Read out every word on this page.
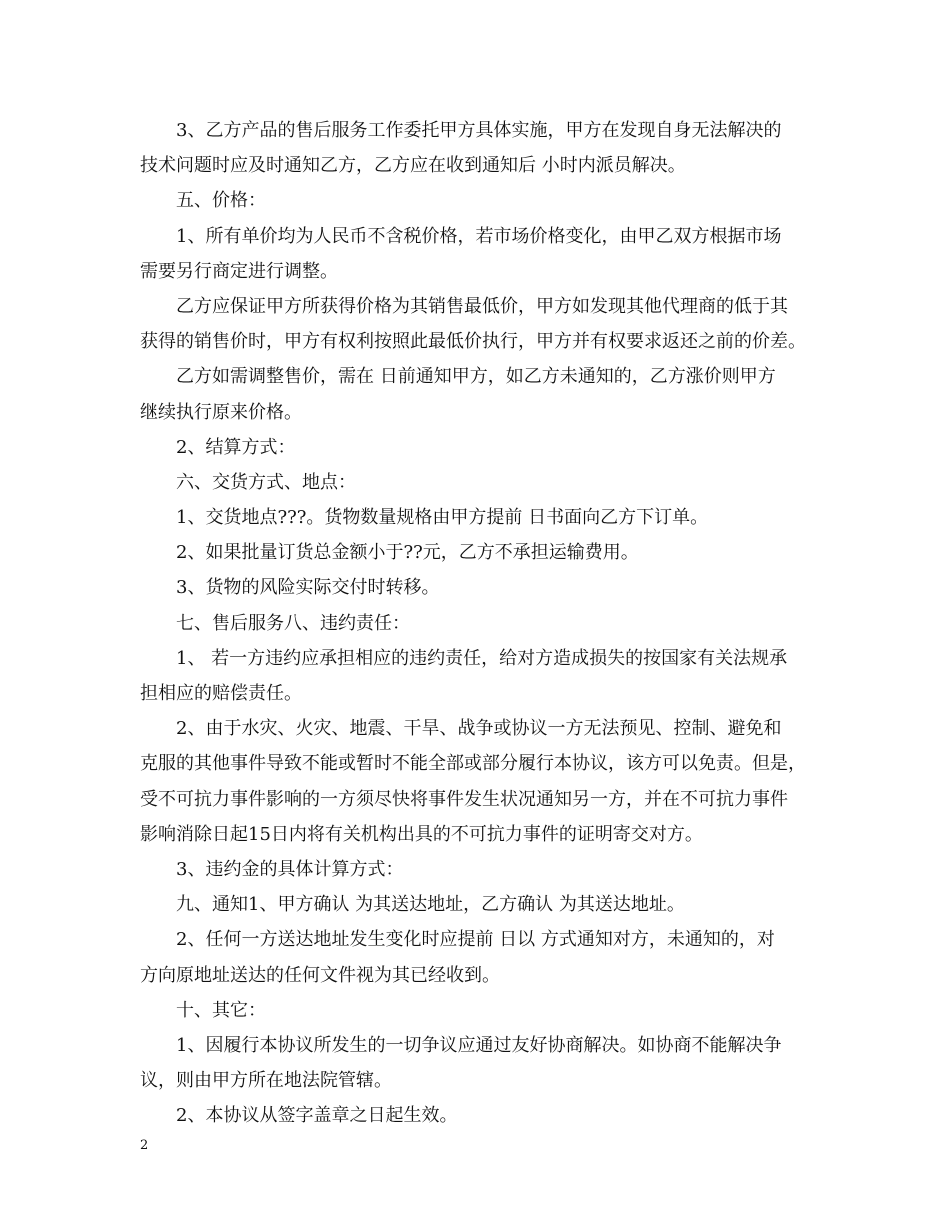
3、乙方产品的售后服务工作委托甲方具体实施，甲方在发现自身无法解决的
技术问题时应及时通知乙方，乙方应在收到通知后 小时内派员解决。
五、价格：
1、所有单价均为人民币不含税价格，若市场价格变化，由甲乙双方根据市场
需要另行商定进行调整。
乙方应保证甲方所获得价格为其销售最低价，甲方如发现其他代理商的低于其
获得的销售价时，甲方有权利按照此最低价执行，甲方并有权要求返还之前的价差。
乙方如需调整售价，需在 日前通知甲方，如乙方未通知的，乙方涨价则甲方
继续执行原来价格。
2、结算方式：
六、交货方式、地点：
1、交货地点???。货物数量规格由甲方提前 日书面向乙方下订单。
2、如果批量订货总金额小于??元，乙方不承担运输费用。
3、货物的风险实际交付时转移。
七、售后服务八、违约责任：
1、 若一方违约应承担相应的违约责任，给对方造成损失的按国家有关法规承
担相应的赔偿责任。
2、由于水灾、火灾、地震、干旱、战争或协议一方无法预见、控制、避免和
克服的其他事件导致不能或暂时不能全部或部分履行本协议，该方可以免责。但是，
受不可抗力事件影响的一方须尽快将事件发生状况通知另一方，并在不可抗力事件
影响消除日起15日内将有关机构出具的不可抗力事件的证明寄交对方。
3、违约金的具体计算方式：
九、通知1、甲方确认 为其送达地址，乙方确认 为其送达地址。
2、任何一方送达地址发生变化时应提前 日以 方式通知对方，未通知的，对
方向原地址送达的任何文件视为其已经收到。
十、其它：
1、因履行本协议所发生的一切争议应通过友好协商解决。如协商不能解决争
议，则由甲方所在地法院管辖。
2、本协议从签字盖章之日起生效。
2
